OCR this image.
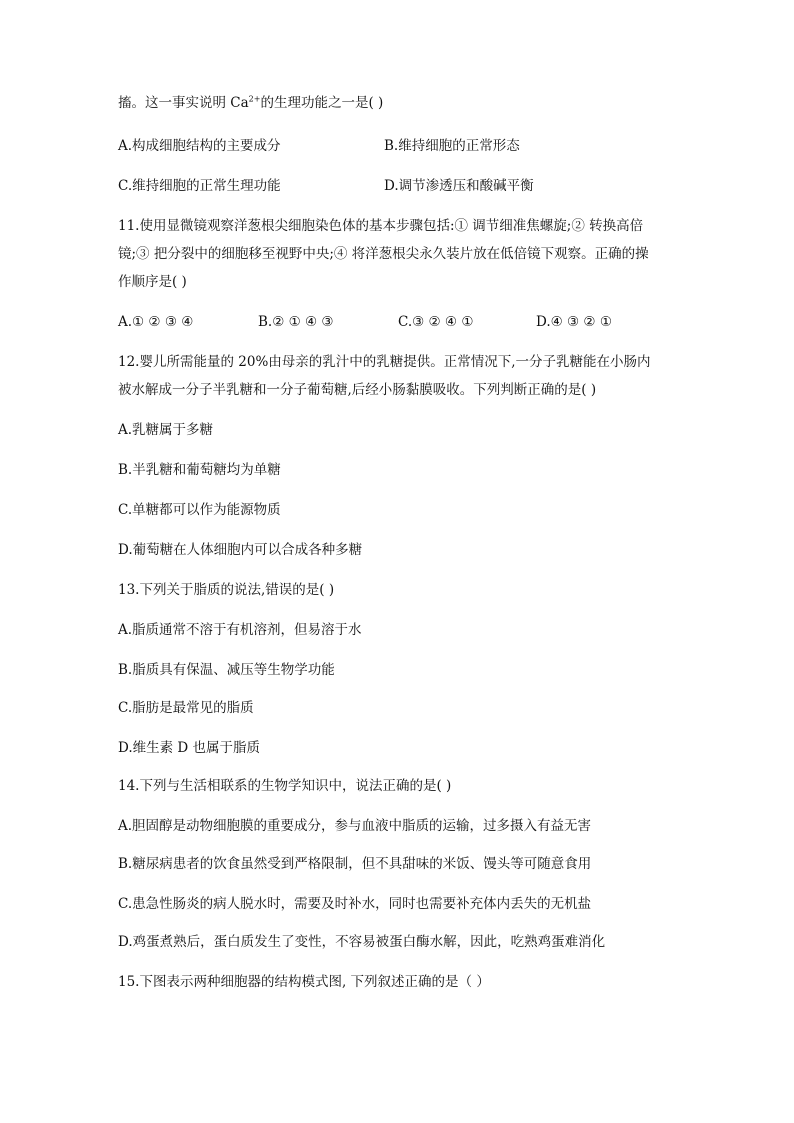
搐。这一事实说明 $Ca^{2+}$的生理功能之一是( )
A.构成细胞结构的主要成分	B.维持细胞的正常形态
C.维持细胞的正常生理功能	D.调节渗透压和酸碱平衡
11.使用显微镜观察洋葱根尖细胞染色体的基本步骤包括:① 调节细准焦螺旋;② 转换高倍
镜;③ 把分裂中的细胞移至视野中央;④ 将洋葱根尖永久装片放在低倍镜下观察。正确的操
作顺序是( )
A.① ② ③ ④	B.② ① ④ ③	C.③ ② ④ ①	D.④ ③ ② ①
12.婴儿所需能量的 20%由母亲的乳汁中的乳糖提供。正常情况下,一分子乳糖能在小肠内
被水解成一分子半乳糖和一分子葡萄糖,后经小肠黏膜吸收。下列判断正确的是( )
A.乳糖属于多糖
B.半乳糖和葡萄糖均为单糖
C.单糖都可以作为能源物质
D.葡萄糖在人体细胞内可以合成各种多糖
13.下列关于脂质的说法,错误的是( )
A.脂质通常不溶于有机溶剂，但易溶于水
B.脂质具有保温、减压等生物学功能
C.脂肪是最常见的脂质
D.维生素 D 也属于脂质
14.下列与生活相联系的生物学知识中，说法正确的是( )
A.胆固醇是动物细胞膜的重要成分，参与血液中脂质的运输，过多摄入有益无害
B.糖尿病患者的饮食虽然受到严格限制，但不具甜味的米饭、馒头等可随意食用
C.患急性肠炎的病人脱水时，需要及时补水，同时也需要补充体内丢失的无机盐
D.鸡蛋煮熟后，蛋白质发生了变性，不容易被蛋白酶水解，因此，吃熟鸡蛋难消化
15.下图表示两种细胞器的结构模式图, 下列叙述正确的是（ ）
